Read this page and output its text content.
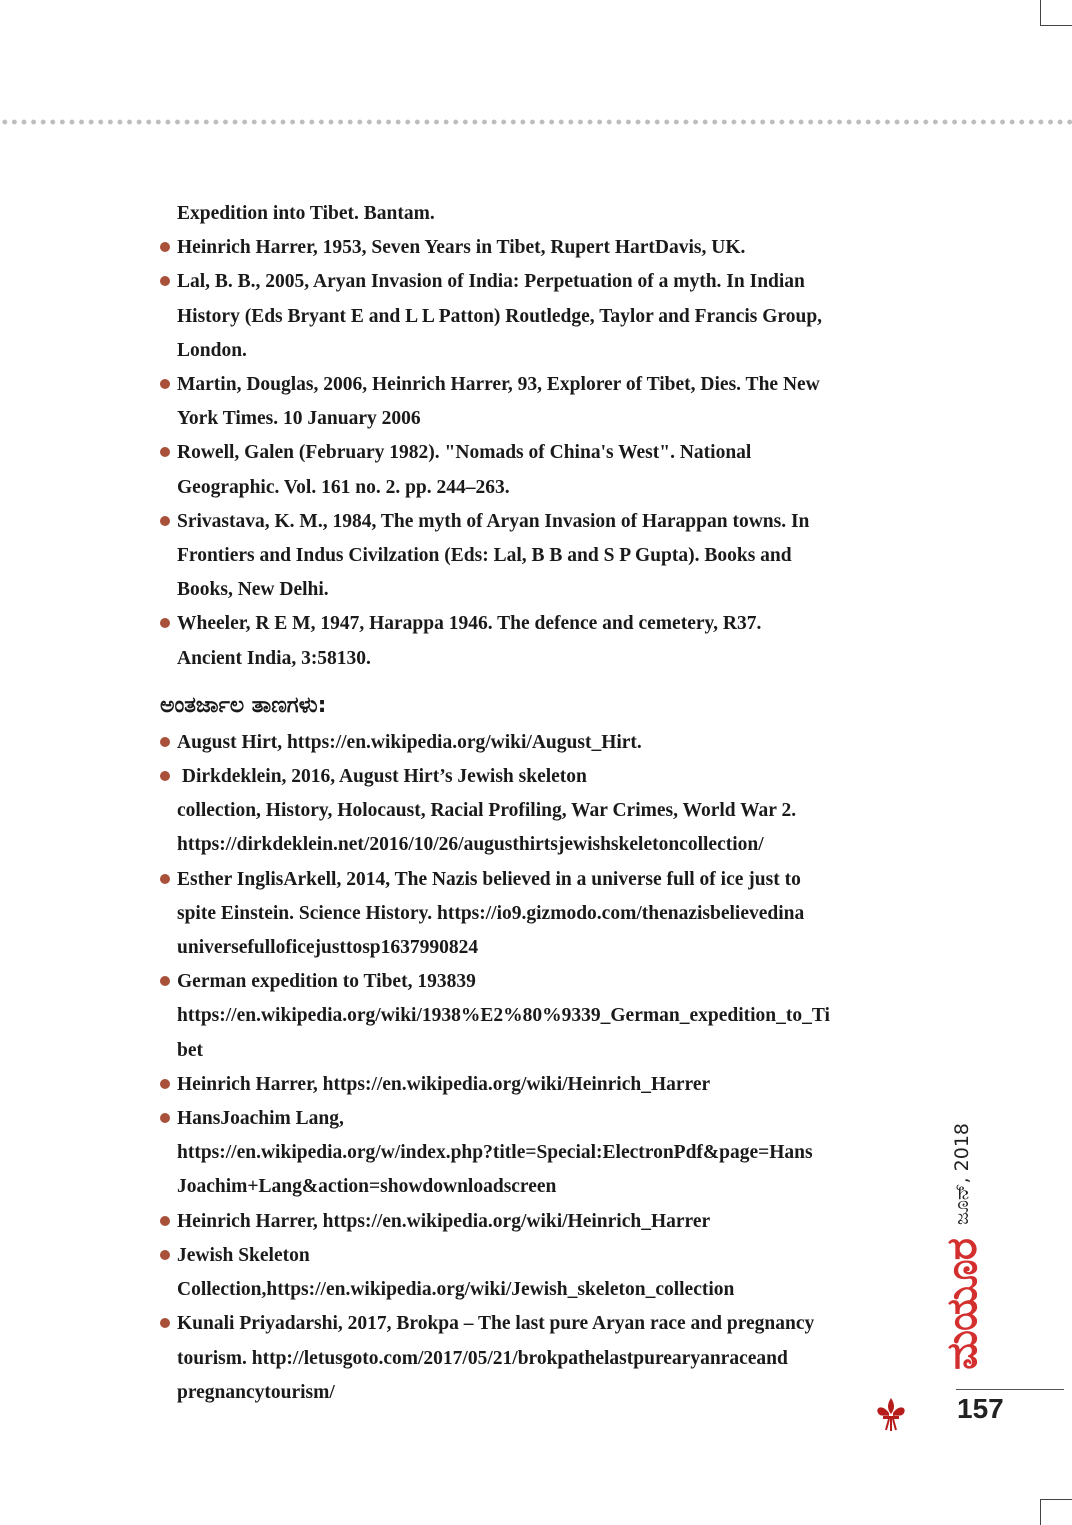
Expedition into Tibet. Bantam.
Heinrich Harrer, 1953, Seven Years in Tibet, Rupert HartDavis, UK.
Lal, B. B., 2005, Aryan Invasion of India: Perpetuation of a myth. In Indian
History (Eds Bryant E and L L Patton) Routledge, Taylor and Francis Group,
London.
Martin, Douglas, 2006, Heinrich Harrer, 93, Explorer of Tibet, Dies. The New
York Times. 10 January 2006
Rowell, Galen (February 1982). "Nomads of China's West". National
Geographic. Vol. 161 no. 2. pp. 244–263.
Srivastava, K. M., 1984, The myth of Aryan Invasion of Harappan towns. In
Frontiers and Indus Civilzation (Eds: Lal, B B and S P Gupta). Books and
Books, New Delhi.
Wheeler, R E M, 1947, Harappa 1946. The defence and cemetery, R37.
Ancient India, 3:58130.
ಅಂತರ್ಜಾಲ ತಾಣಗಳು:
August Hirt, https://en.wikipedia.org/wiki/August_Hirt.
Dirkdeklein, 2016, August Hirt’s Jewish skeleton
collection, History, Holocaust, Racial Profiling, War Crimes, World War 2.
https://dirkdeklein.net/2016/10/26/augusthirtsjewishskeletoncollection/
Esther InglisArkell, 2014, The Nazis believed in a universe full of ice just to
spite Einstein. Science History. https://io9.gizmodo.com/thenazisbelievedina
universefulloficejusttosp1637990824
German expedition to Tibet, 193839
https://en.wikipedia.org/wiki/1938%E2%80%9339_German_expedition_to_Ti
bet
Heinrich Harrer, https://en.wikipedia.org/wiki/Heinrich_Harrer
HansJoachim Lang,
https://en.wikipedia.org/w/index.php?title=Special:ElectronPdf&page=Hans
Joachim+Lang&action=showdownloadscreen
Heinrich Harrer, https://en.wikipedia.org/wiki/Heinrich_Harrer
Jewish Skeleton
Collection,https://en.wikipedia.org/wiki/Jewish_skeleton_collection
Kunali Priyadarshi, 2017, Brokpa – The last pure Aryan race and pregnancy
tourism. http://letusgoto.com/2017/05/21/brokpathelastpurearyanraceand
pregnancytourism/
ಮಯೂರ
ಜೂನ್, 2018
157
